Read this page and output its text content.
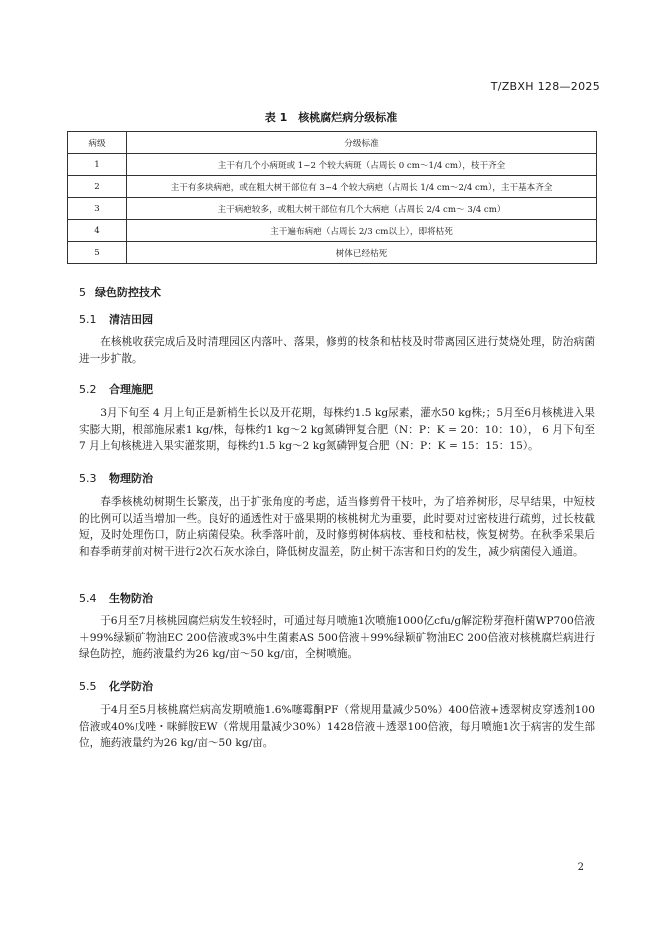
T/ZBXH 128—2025
表 1　核桃腐烂病分级标准
病级	分级标准
1	主干有几个小病斑或 1~2 个较大病斑（占周长 0 cm～1/4 cm），枝干齐全
2	主干有多块病疤，或在粗大树干部位有 3~4 个较大病疤（占周长 1/4 cm～2/4 cm），主干基本齐全
3	主干病疤较多，或粗大树干部位有几个大病疤（占周长 2/4 cm～ 3/4 cm）
4	主干遍布病疤（占周长 2/3 cm以上），即将枯死
5	树体已经枯死
5 绿色防控技术
5.1 清洁田园

在核桃收获完成后及时清理园区内落叶、落果，修剪的枝条和枯枝及时带离园区进行焚烧处理，防治病菌进一步扩散。

5.2 合理施肥

3月下旬至 4 月上旬正是新梢生长以及开花期，每株约1.5 kg尿素，灌水50 kg株;；5月至6月核桃进入果实膨大期，根部施尿素1 kg/株，每株约1 kg～2 kg氮磷钾复合肥（N：P：K = 20：10：10）， 6 月下旬至 7 月上旬核桃进入果实灌浆期，每株约1.5 kg～2 kg氮磷钾复合肥（N：P：K = 15：15：15）。

5.3 物理防治

春季核桃幼树期生长繁茂，出于扩张角度的考虑，适当修剪骨干枝叶，为了培养树形，尽早结果，中短枝的比例可以适当增加一些。良好的通透性对于盛果期的核桃树尤为重要，此时要对过密枝进行疏剪，过长枝截短，及时处理伤口，防止病菌侵染。秋季落叶前，及时修剪树体病枝、垂枝和枯枝，恢复树势。在秋季采果后和春季萌芽前对树干进行2次石灰水涂白，降低树皮温差，防止树干冻害和日灼的发生，减少病菌侵入通道。

5.4 生物防治

于6月至7月核桃园腐烂病发生较轻时，可通过每月喷施1次喷施1000亿cfu/g解淀粉芽孢杆菌WP700倍液＋99%绿颖矿物油EC 200倍液或3%中生菌素AS 500倍液＋99%绿颖矿物油EC 200倍液对核桃腐烂病进行绿色防控，施药液量约为26 kg/亩～50 kg/亩，全树喷施。

5.5 化学防治

于4月至5月核桃腐烂病高发期喷施1.6%噻霉酮PF（常规用量减少50%）400倍液+透翠树皮穿透剂100倍液或40%戊唑・咪鲜胺EW（常规用量减少30%）1428倍液＋透翠100倍液，每月喷施1次于病害的发生部位，施药液量约为26 kg/亩～50 kg/亩。

2
